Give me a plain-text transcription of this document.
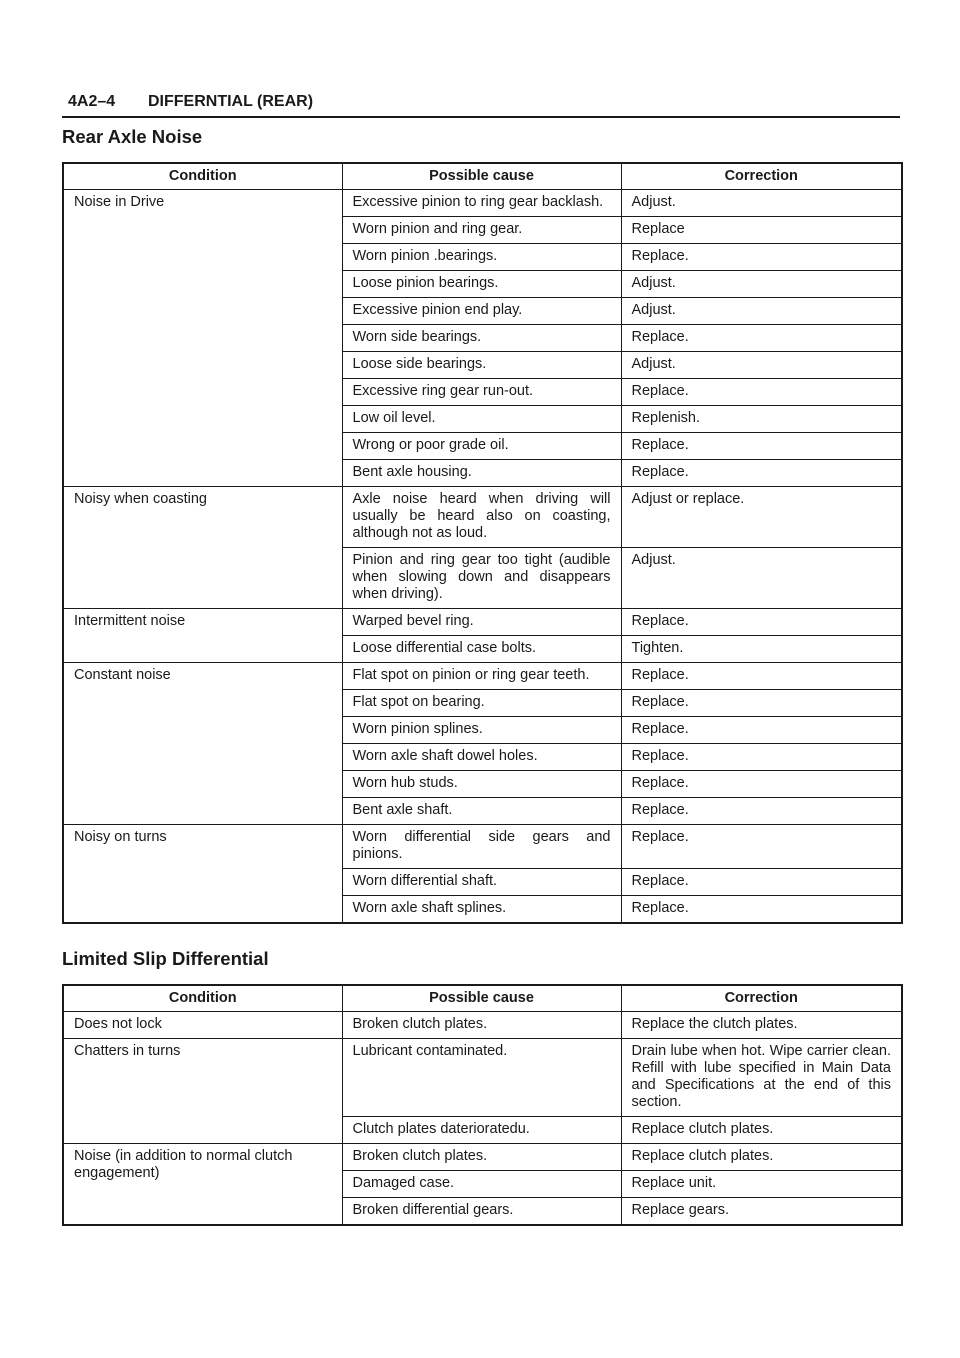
4A2–4 DIFFERNTIAL (REAR)
Rear Axle Noise
Condition	Possible cause	Correction
Noise in Drive	Excessive pinion to ring gear backlash.	Adjust.
	Worn pinion and ring gear.	Replace
	Worn pinion .bearings.	Replace.
	Loose pinion bearings.	Adjust.
	Excessive pinion end play.	Adjust.
	Worn side bearings.	Replace.
	Loose side bearings.	Adjust.
	Excessive ring gear run-out.	Replace.
	Low oil level.	Replenish.
	Wrong or poor grade oil.	Replace.
	Bent axle housing.	Replace.
Noisy when coasting	Axle noise heard when driving will usually be heard also on coasting, although not as loud.	Adjust or replace.
	Pinion and ring gear too tight (audible when slowing down and disappears when driving).	Adjust.
Intermittent noise	Warped bevel ring.	Replace.
	Loose differential case bolts.	Tighten.
Constant noise	Flat spot on pinion or ring gear teeth.	Replace.
	Flat spot on bearing.	Replace.
	Worn pinion splines.	Replace.
	Worn axle shaft dowel holes.	Replace.
	Worn hub studs.	Replace.
	Bent axle shaft.	Replace.
Noisy on turns	Worn differential side gears and pinions.	Replace.
	Worn differential shaft.	Replace.
	Worn axle shaft splines.	Replace.
Limited Slip Differential
Condition	Possible cause	Correction
Does not lock	Broken clutch plates.	Replace the clutch plates.
Chatters in turns	Lubricant contaminated.	Drain lube when hot. Wipe carrier clean. Refill with lube specified in Main Data and Specifications at the end of this section.
	Clutch plates daterioratedu.	Replace clutch plates.
Noise (in addition to normal clutch engagement)	Broken clutch plates.	Replace clutch plates.
	Damaged case.	Replace unit.
	Broken differential gears.	Replace gears.
